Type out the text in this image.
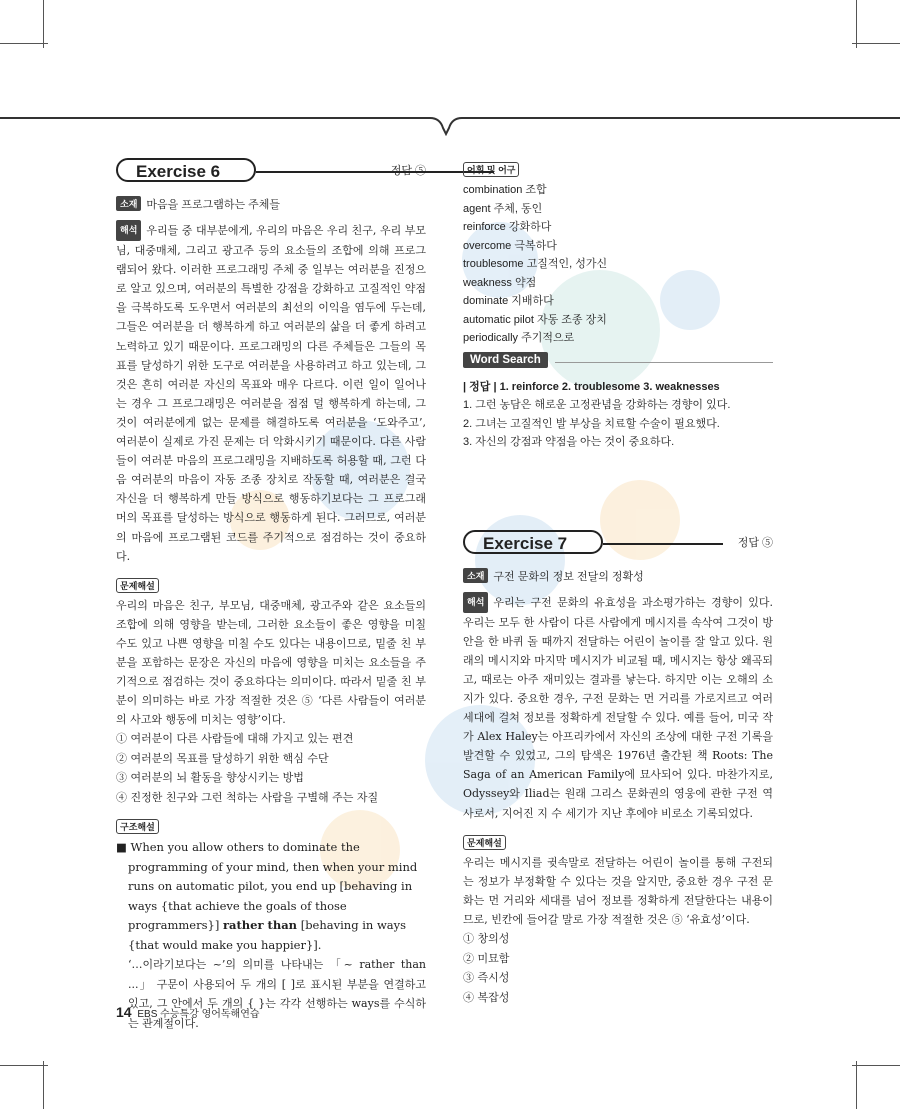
Exercise 6	정답 ⑤
소재 마음을 프로그램하는 주체들
해석 우리들 중 대부분에게, 우리의 마음은 우리 친구, 우리 부모님, 대중매체, 그리고 광고주 등의 요소들의 조합에 의해 프로그램되어 왔다. 이러한 프로그래밍 주체 중 일부는 여러분을 진정으로 알고 있으며, 여러분의 특별한 강점을 강화하고 고질적인 약점을 극복하도록 도우면서 여러분의 최선의 이익을 염두에 두는데, 그들은 여러분을 더 행복하게 하고 여러분의 삶을 더 좋게 하려고 노력하고 있기 때문이다. 프로그래밍의 다른 주체들은 그들의 목표를 달성하기 위한 도구로 여러분을 사용하려고 하고 있는데, 그것은 흔히 여러분 자신의 목표와 매우 다르다. 이런 일이 일어나는 경우 그 프로그래밍은 여러분을 점점 덜 행복하게 하는데, 그것이 여러분에게 없는 문제를 해결하도록 여러분을 ‘도와주고’, 여러분이 실제로 가진 문제는 더 악화시키기 때문이다. 다른 사람들이 여러분 마음의 프로그래밍을 지배하도록 허용할 때, 그런 다음 여러분의 마음이 자동 조종 장치로 작동할 때, 여러분은 결국 자신을 더 행복하게 만들 방식으로 행동하기보다는 그 프로그래머의 목표를 달성하는 방식으로 행동하게 된다. 그러므로, 여러분의 마음에 프로그램된 코드를 주기적으로 점검하는 것이 중요하다.
문제해설
우리의 마음은 친구, 부모님, 대중매체, 광고주와 같은 요소들의 조합에 의해 영향을 받는데, 그러한 요소들이 좋은 영향을 미칠 수도 있고 나쁜 영향을 미칠 수도 있다는 내용이므로, 밑줄 친 부분을 포함하는 문장은 자신의 마음에 영향을 미치는 요소들을 주기적으로 점검하는 것이 중요하다는 의미이다. 따라서 밑줄 친 부분이 의미하는 바로 가장 적절한 것은 ⑤ ‘다른 사람들이 여러분의 사고와 행동에 미치는 영향’이다.
① 여러분이 다른 사람들에 대해 가지고 있는 편견
② 여러분의 목표를 달성하기 위한 핵심 수단
③ 여러분의 뇌 활동을 향상시키는 방법
④ 진정한 친구와 그런 척하는 사람을 구별해 주는 자질
구조해설
■ When you allow others to dominate the programming of your mind, then when your mind runs on automatic pilot, you end up [behaving in ways {that achieve the goals of those programmers}] rather than [behaving in ways {that would make you happier}].
‘…이라기보다는 ~’의 의미를 나타내는 「~ rather than ...」 구문이 사용되어 두 개의 [ ]로 표시된 부분을 연결하고 있고, 그 안에서 두 개의 { }는 각각 선행하는 ways를 수식하는 관계절이다.
어휘 및 어구
combination 조합
agent 주체, 동인
reinforce 강화하다
overcome 극복하다
troublesome 고질적인, 성가신
weakness 약점
dominate 지배하다
automatic pilot 자동 조종 장치
periodically 주기적으로
Word Search
| 정답 | 1. reinforce 2. troublesome 3. weaknesses
1. 그런 농담은 해로운 고정관념을 강화하는 경향이 있다.
2. 그녀는 고질적인 발 부상을 치료할 수술이 필요했다.
3. 자신의 강점과 약점을 아는 것이 중요하다.
Exercise 7	정답 ⑤
소재 구전 문화의 정보 전달의 정확성
해석 우리는 구전 문화의 유효성을 과소평가하는 경향이 있다. 우리는 모두 한 사람이 다른 사람에게 메시지를 속삭여 그것이 방 안을 한 바퀴 돌 때까지 전달하는 어린이 놀이를 잘 알고 있다. 원래의 메시지와 마지막 메시지가 비교될 때, 메시지는 항상 왜곡되고, 때로는 아주 재미있는 결과를 낳는다. 하지만 이는 오해의 소지가 있다. 중요한 경우, 구전 문화는 먼 거리를 가로지르고 여러 세대에 걸쳐 정보를 정확하게 전달할 수 있다. 예를 들어, 미국 작가 Alex Haley는 아프리카에서 자신의 조상에 대한 구전 기록을 발견할 수 있었고, 그의 탐색은 1976년 출간된 책 Roots: The Saga of an American Family에 묘사되어 있다. 마찬가지로, Odyssey와 Iliad는 원래 그리스 문화권의 영웅에 관한 구전 역사로서, 지어진 지 수 세기가 지난 후에야 비로소 기록되었다.
문제해설
우리는 메시지를 귓속말로 전달하는 어린이 놀이를 통해 구전되는 정보가 부정확할 수 있다는 것을 알지만, 중요한 경우 구전 문화는 먼 거리와 세대를 넘어 정보를 정확하게 전달한다는 내용이므로, 빈칸에 들어갈 말로 가장 적절한 것은 ⑤ ‘유효성’이다.
① 창의성
② 미묘함
③ 즉시성
④ 복잡성
14 EBS 수능특강 영어독해연습
